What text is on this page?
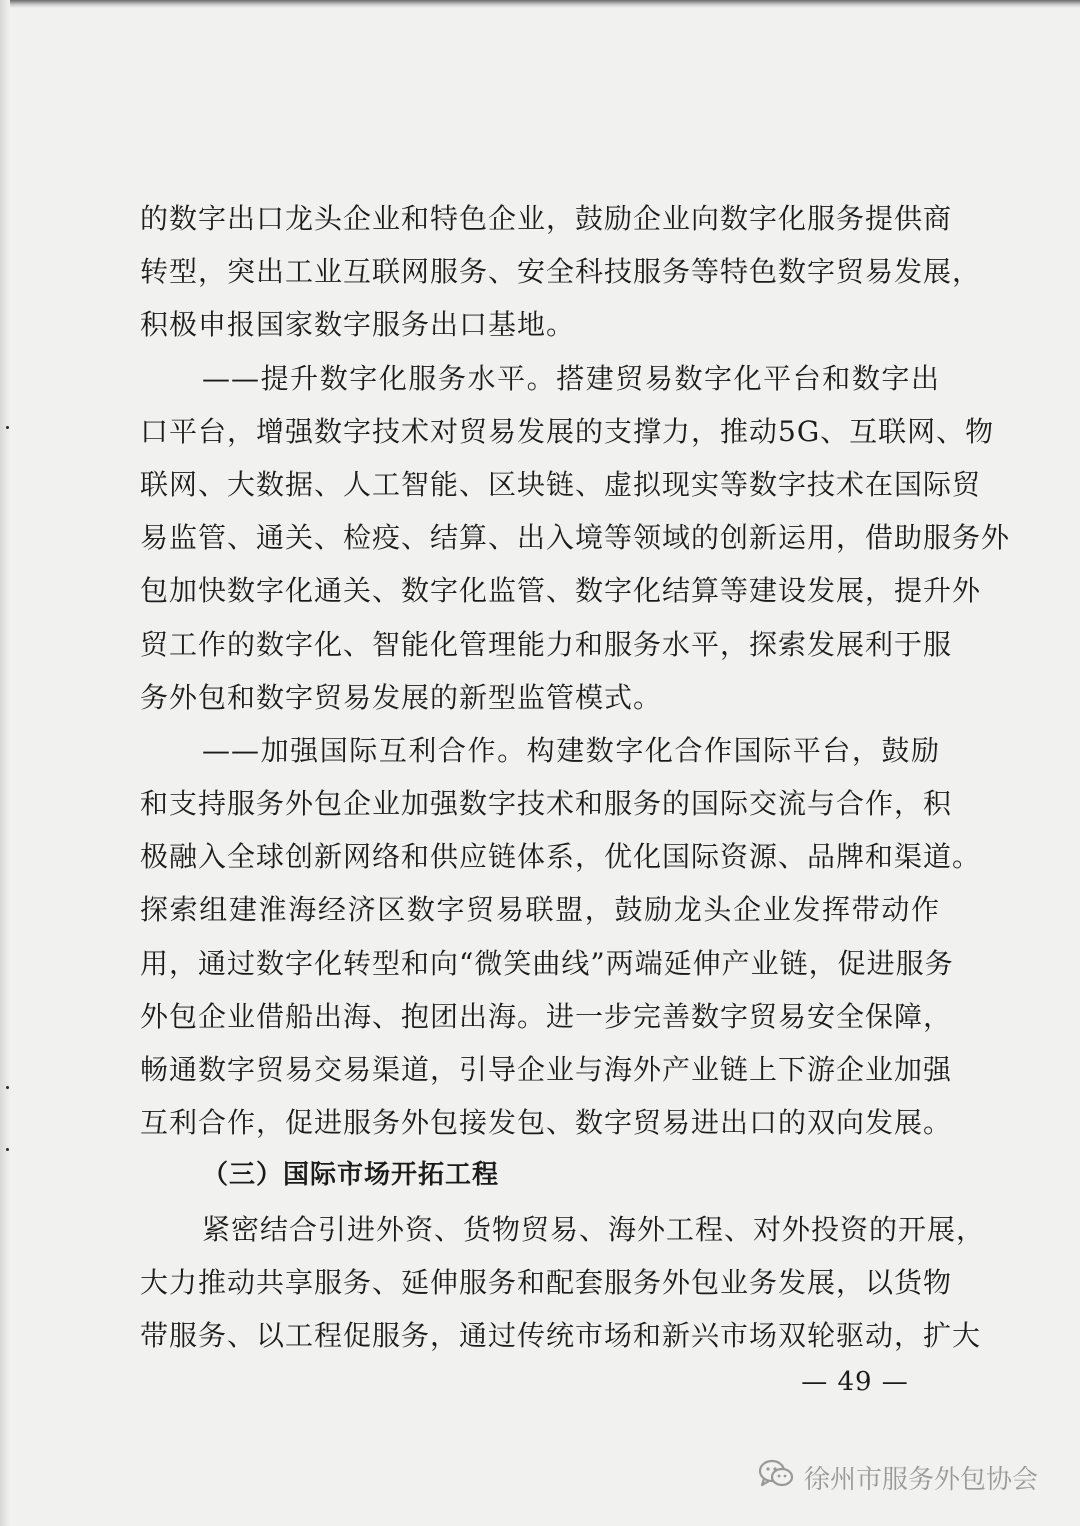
的数字出口龙头企业和特色企业，鼓励企业向数字化服务提供商
转型，突出工业互联网服务、安全科技服务等特色数字贸易发展，
积极申报国家数字服务出口基地。
——提升数字化服务水平。搭建贸易数字化平台和数字出
口平台，增强数字技术对贸易发展的支撑力，推动5G、互联网、物
联网、大数据、人工智能、区块链、虚拟现实等数字技术在国际贸
易监管、通关、检疫、结算、出入境等领域的创新运用，借助服务外
包加快数字化通关、数字化监管、数字化结算等建设发展，提升外
贸工作的数字化、智能化管理能力和服务水平，探索发展利于服
务外包和数字贸易发展的新型监管模式。
——加强国际互利合作。构建数字化合作国际平台，鼓励
和支持服务外包企业加强数字技术和服务的国际交流与合作，积
极融入全球创新网络和供应链体系，优化国际资源、品牌和渠道。
探索组建淮海经济区数字贸易联盟，鼓励龙头企业发挥带动作
用，通过数字化转型和向“微笑曲线”两端延伸产业链，促进服务
外包企业借船出海、抱团出海。进一步完善数字贸易安全保障，
畅通数字贸易交易渠道，引导企业与海外产业链上下游企业加强
互利合作，促进服务外包接发包、数字贸易进出口的双向发展。
（三）国际市场开拓工程
紧密结合引进外资、货物贸易、海外工程、对外投资的开展，
大力推动共享服务、延伸服务和配套服务外包业务发展，以货物
带服务、以工程促服务，通过传统市场和新兴市场双轮驱动，扩大
— 49 —
徐州市服务外包协会
